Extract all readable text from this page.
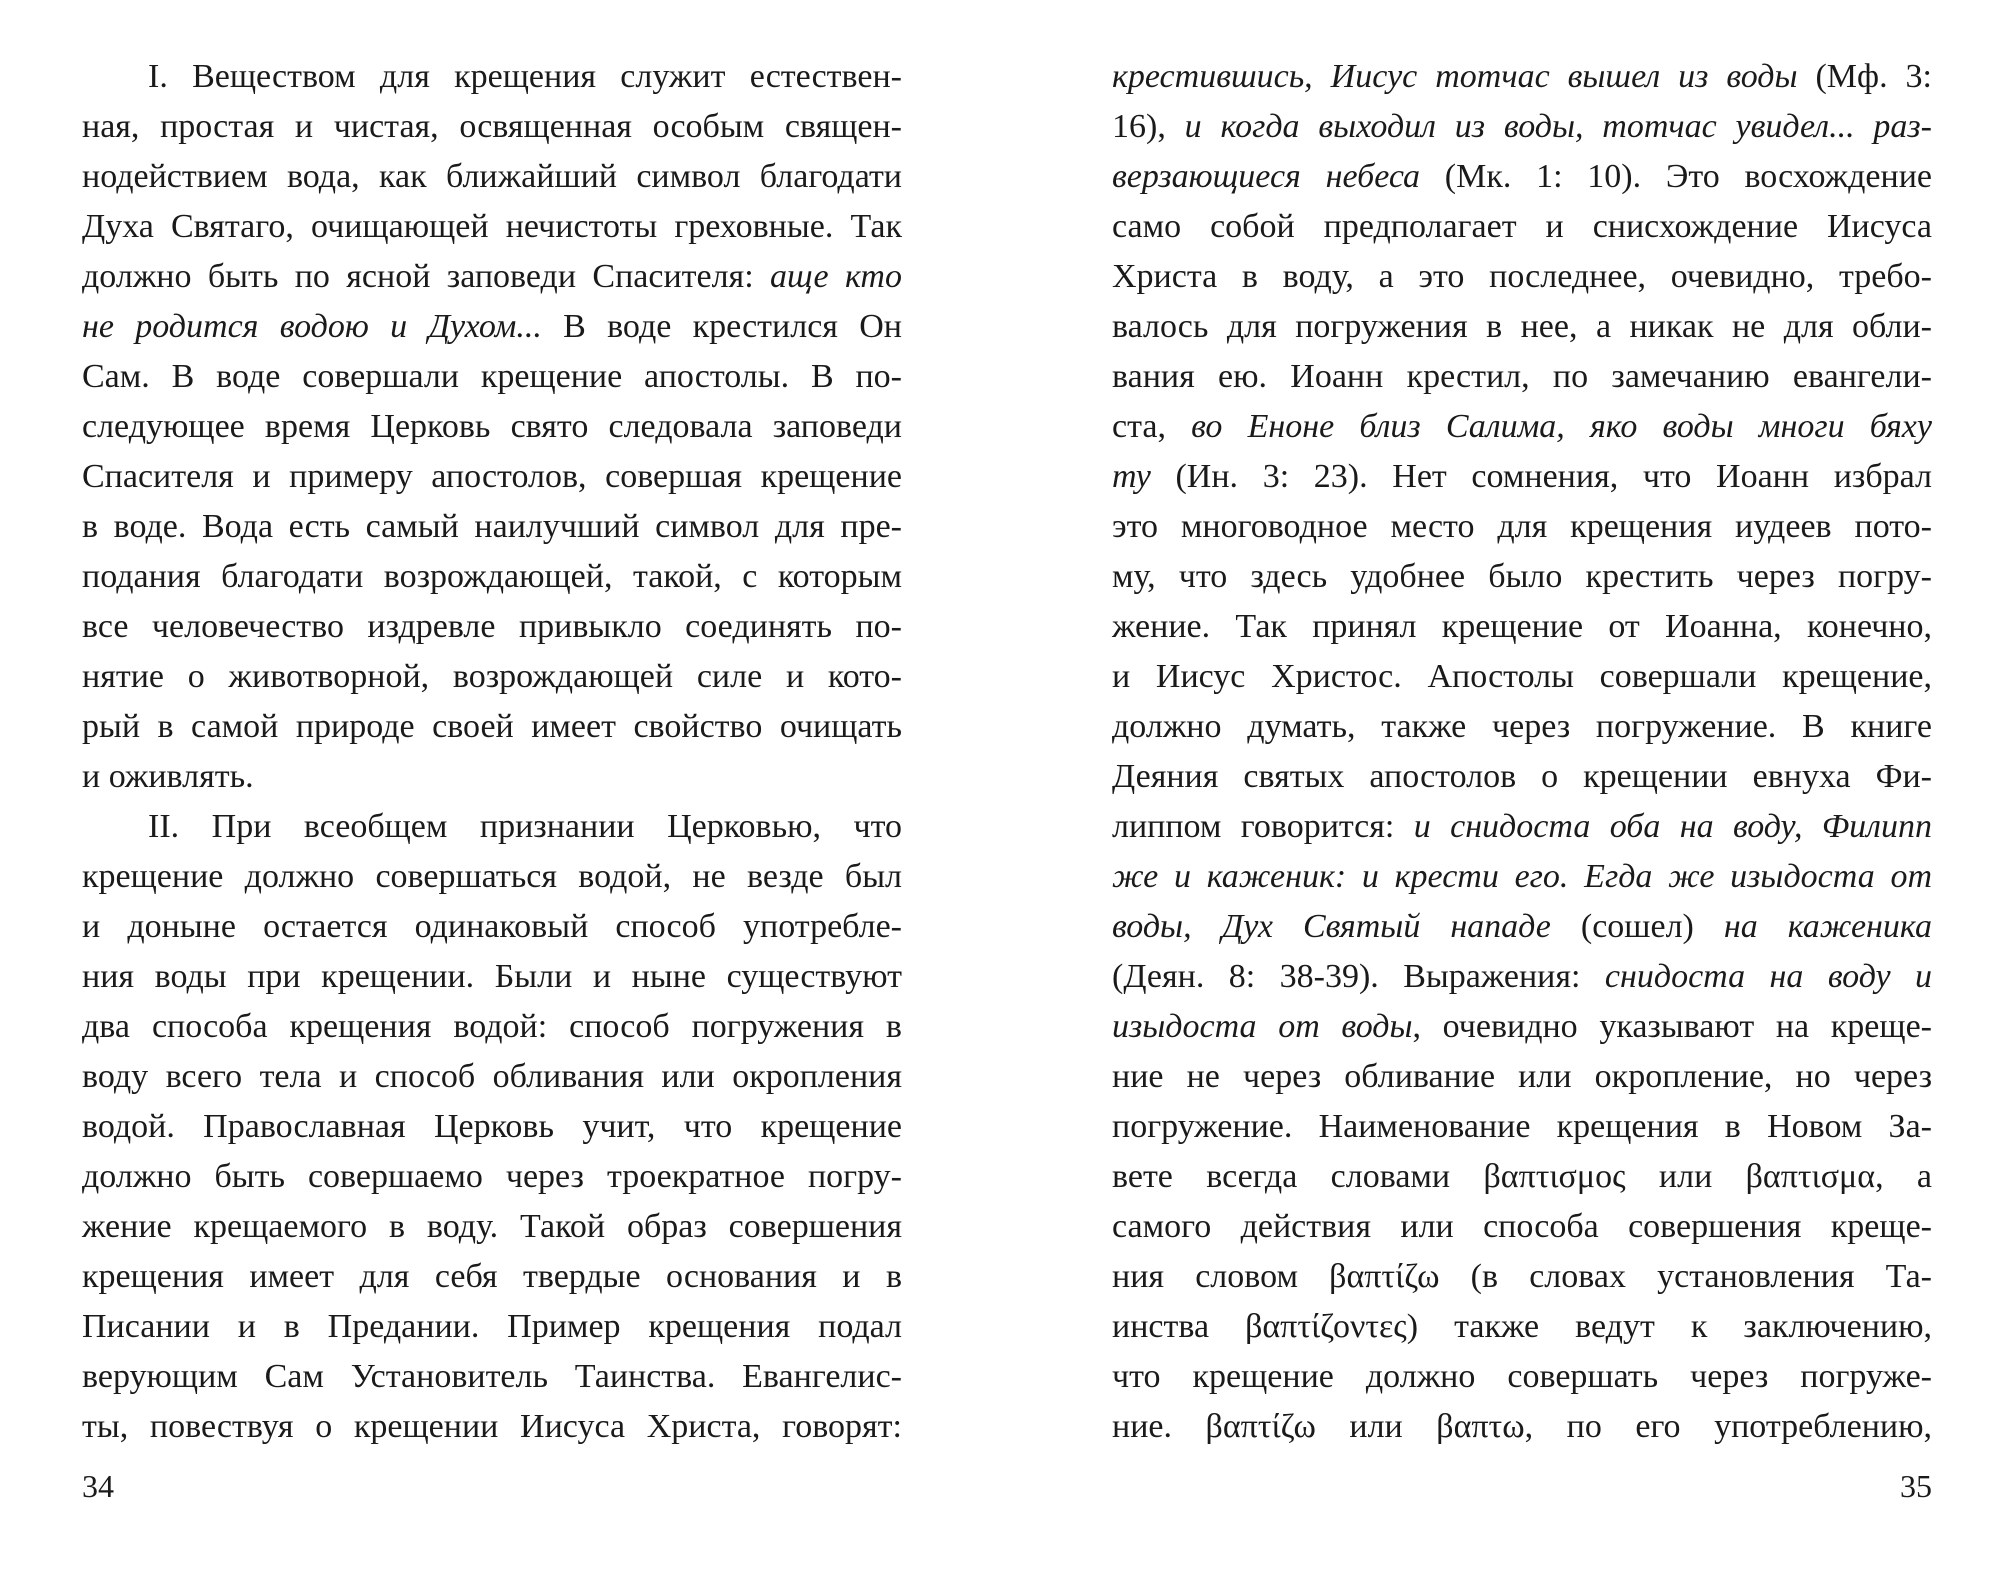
I. Веществом для крещения служит естествен-
ная, простая и чистая, освященная особым священ-
нодействием вода, как ближайший символ благодати
Духа Святаго, очищающей нечистоты греховные. Так
должно быть по ясной заповеди Спасителя: аще кто
не родится водою и Духом... В воде крестился Он
Сам. В воде совершали крещение апостолы. В по-
следующее время Церковь свято следовала заповеди
Спасителя и примеру апостолов, совершая крещение
в воде. Вода есть самый наилучший символ для пре-
подания благодати возрождающей, такой, с которым
все человечество издревле привыкло соединять по-
нятие о животворной, возрождающей силе и кото-
рый в самой природе своей имеет свойство очищать
и оживлять.
II. При всеобщем признании Церковью, что
крещение должно совершаться водой, не везде был
и доныне остается одинаковый способ употребле-
ния воды при крещении. Были и ныне существуют
два способа крещения водой: способ погружения в
воду всего тела и способ обливания или окропления
водой. Православная Церковь учит, что крещение
должно быть совершаемо через троекратное погру-
жение крещаемого в воду. Такой образ совершения
крещения имеет для себя твердые основания и в
Писании и в Предании. Пример крещения подал
верующим Сам Установитель Таинства. Евангелис-
ты, повествуя о крещении Иисуса Христа, говорят:
34
крестившись, Иисус тотчас вышел из воды (Мф. 3:
16), и когда выходил из воды, тотчас увидел... раз-
верзающиеся небеса (Мк. 1: 10). Это восхождение
само собой предполагает и снисхождение Иисуса
Христа в воду, а это последнее, очевидно, требо-
валось для погружения в нее, а никак не для обли-
вания ею. Иоанн крестил, по замечанию евангели-
ста, во Еноне близ Салима, яко воды многи бяху
ту (Ин. 3: 23). Нет сомнения, что Иоанн избрал
это многоводное место для крещения иудеев пото-
му, что здесь удобнее было крестить через погру-
жение. Так принял крещение от Иоанна, конечно,
и Иисус Христос. Апостолы совершали крещение,
должно думать, также через погружение. В книге
Деяния святых апостолов о крещении евнуха Фи-
липпом говорится: и снидоста оба на воду, Филипп
же и каженик: и крести его. Егда же изыдоста от
воды, Дух Святый нападе (сошел) на каженика
(Деян. 8: 38-39). Выражения: снидоста на воду и
изыдоста от воды, очевидно указывают на креще-
ние не через обливание или окропление, но через
погружение. Наименование крещения в Новом За-
вете всегда словами βαπτισμος или βαπτισμα, а
самого действия или способа совершения креще-
ния словом βαπτίζω (в словах установления Та-
инства βαπτίζοντες) также ведут к заключению,
что крещение должно совершать через погруже-
ние. βαπτίζω или βαπτω, по его употреблению,
35
